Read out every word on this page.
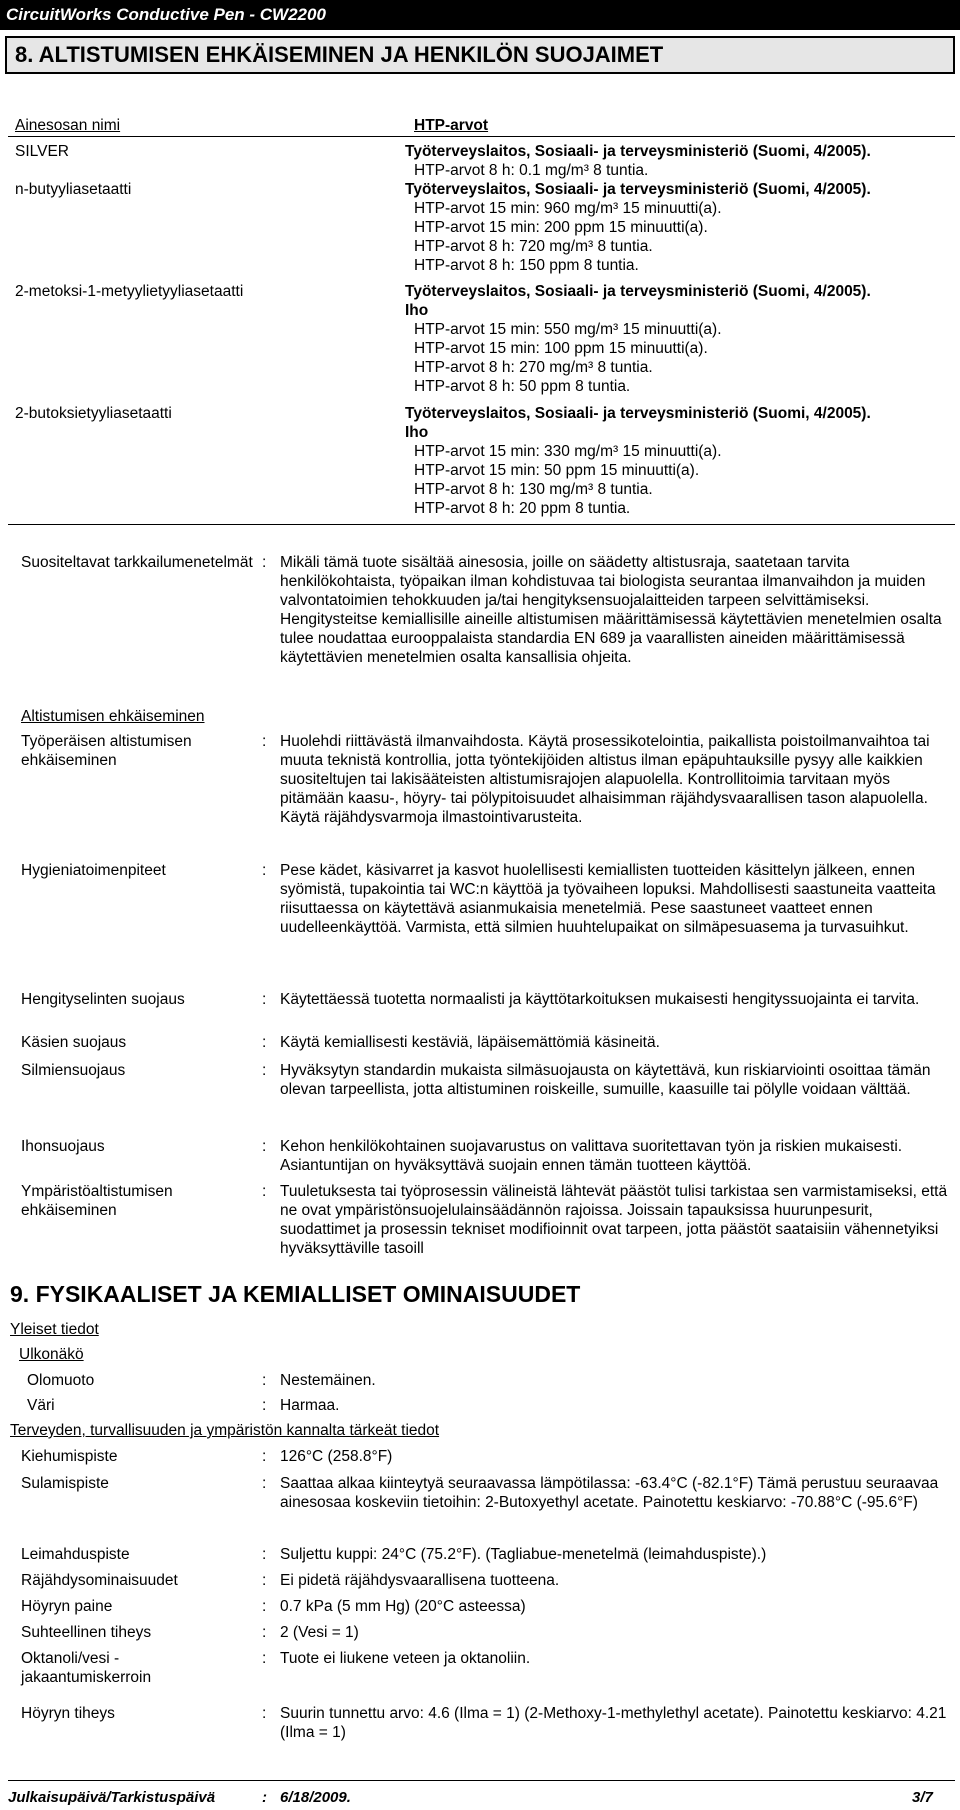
CircuitWorks Conductive Pen - CW2200
8. ALTISTUMISEN EHKÄISEMINEN JA HENKILÖN SUOJAIMET
Ainesosan nimi	HTP-arvot
SILVER	Työterveyslaitos, Sosiaali- ja terveysministeriö (Suomi, 4/2005).
HTP-arvot 8 h: 0.1 mg/m³ 8 tuntia.
n-butyyliasetaatti	Työterveyslaitos, Sosiaali- ja terveysministeriö (Suomi, 4/2005).
HTP-arvot 15 min: 960 mg/m³ 15 minuutti(a).
HTP-arvot 15 min: 200 ppm 15 minuutti(a).
HTP-arvot 8 h: 720 mg/m³ 8 tuntia.
HTP-arvot 8 h: 150 ppm 8 tuntia.
2-metoksi-1-metyylietyyliasetaatti	Työterveyslaitos, Sosiaali- ja terveysministeriö (Suomi, 4/2005).
Iho
HTP-arvot 15 min: 550 mg/m³ 15 minuutti(a).
HTP-arvot 15 min: 100 ppm 15 minuutti(a).
HTP-arvot 8 h: 270 mg/m³ 8 tuntia.
HTP-arvot 8 h: 50 ppm 8 tuntia.
2-butoksietyyliasetaatti	Työterveyslaitos, Sosiaali- ja terveysministeriö (Suomi, 4/2005).
Iho
HTP-arvot 15 min: 330 mg/m³ 15 minuutti(a).
HTP-arvot 15 min: 50 ppm 15 minuutti(a).
HTP-arvot 8 h: 130 mg/m³ 8 tuntia.
HTP-arvot 8 h: 20 ppm 8 tuntia.
Suositeltavat tarkkailumenetelmät : Mikäli tämä tuote sisältää ainesosia, joille on säädetty altistusraja, saatetaan tarvita henkilökohtaista, työpaikan ilman kohdistuvaa tai biologista seurantaa ilmanvaihdon ja muiden valvontatoimien tehokkuuden ja/tai hengityksensuojalaitteiden tarpeen selvittämiseksi. Hengitysteitse kemiallisille aineille altistumisen määrittämisessä käytettävien menetelmien osalta tulee noudattaa eurooppalaista standardia EN 689 ja vaarallisten aineiden määrittämisessä käytettävien menetelmien osalta kansallisia ohjeita.
Altistumisen ehkäiseminen
Työperäisen altistumisen ehkäiseminen
: Huolehdi riittävästä ilmanvaihdosta. Käytä prosessikotelointia, paikallista poistoilmanvaihtoa tai muuta teknistä kontrollia, jotta työntekijöiden altistus ilman epäpuhtauksille pysyy alle kaikkien suositeltujen tai lakisääteisten altistumisrajojen alapuolella. Kontrollitoimia tarvitaan myös pitämään kaasu-, höyry- tai pölypitoisuudet alhaisimman räjähdysvaarallisen tason alapuolella. Käytä räjähdysvarmoja ilmastointivarusteita.
Hygieniatoimenpiteet	: Pese kädet, käsivarret ja kasvot huolellisesti kemiallisten tuotteiden käsittelyn jälkeen, ennen syömistä, tupakointia tai WC:n käyttöä ja työvaiheen lopuksi. Mahdollisesti saastuneita vaatteita riisuttaessa on käytettävä asianmukaisia menetelmiä. Pese saastuneet vaatteet ennen uudelleenkäyttöä. Varmista, että silmien huuhtelupaikat on silmäpesuasema ja turvasuihkut.
Hengityselinten suojaus	: Käytettäessä tuotetta normaalisti ja käyttötarkoituksen mukaisesti hengityssuojainta ei tarvita.
Käsien suojaus	: Käytä kemiallisesti kestäviä, läpäisemättömiä käsineitä.
Silmiensuojaus	: Hyväksytyn standardin mukaista silmäsuojausta on käytettävä, kun riskiarviointi osoittaa tämän olevan tarpeellista, jotta altistuminen roiskeille, sumuille, kaasuille tai pölylle voidaan välttää.
Ihonsuojaus	: Kehon henkilökohtainen suojavarustus on valittava suoritettavan työn ja riskien mukaisesti. Asiantuntijan on hyväksyttävä suojain ennen tämän tuotteen käyttöä.
Ympäristöaltistumisen ehkäiseminen
: Tuuletuksesta tai työprosessin välineistä lähtevät päästöt tulisi tarkistaa sen varmistamiseksi, että ne ovat ympäristönsuojelulainsäädännön rajoissa. Joissain tapauksissa huurunpesurit, suodattimet ja prosessin tekniset modifioinnit ovat tarpeen, jotta päästöt saataisiin vähennetyiksi hyväksyttäville tasoill
9. FYSIKAALISET JA KEMIALLISET OMINAISUUDET
Yleiset tiedot
Ulkonäkö
Olomuoto	: Nestemäinen.
Väri	: Harmaa.
Terveyden, turvallisuuden ja ympäristön kannalta tärkeät tiedot
Kiehumispiste	: 126°C (258.8°F)
Sulamispiste	: Saattaa alkaa kiinteytyä seuraavassa lämpötilassa: -63.4°C (-82.1°F) Tämä perustuu seuraavaa ainesosaa koskeviin tietoihin: 2-Butoxyethyl acetate. Painotettu keskiarvo: -70.88°C (-95.6°F)
Leimahduspiste	: Suljettu kuppi: 24°C (75.2°F). (Tagliabue-menetelmä (leimahduspiste).)
Räjähdysominaisuudet	: Ei pidetä räjähdysvaarallisena tuotteena.
Höyryn paine	: 0.7 kPa (5 mm Hg) (20°C asteessa)
Suhteellinen tiheys	: 2 (Vesi = 1)
Oktanoli/vesi - jakaantumiskerroin
: Tuote ei liukene veteen ja oktanoliin.
Höyryn tiheys	: Suurin tunnettu arvo: 4.6 (Ilma = 1) (2-Methoxy-1-methylethyl acetate). Painotettu keskiarvo: 4.21 (Ilma = 1)
Julkaisupäivä/Tarkistuspäivä	: 6/18/2009.	3/7
